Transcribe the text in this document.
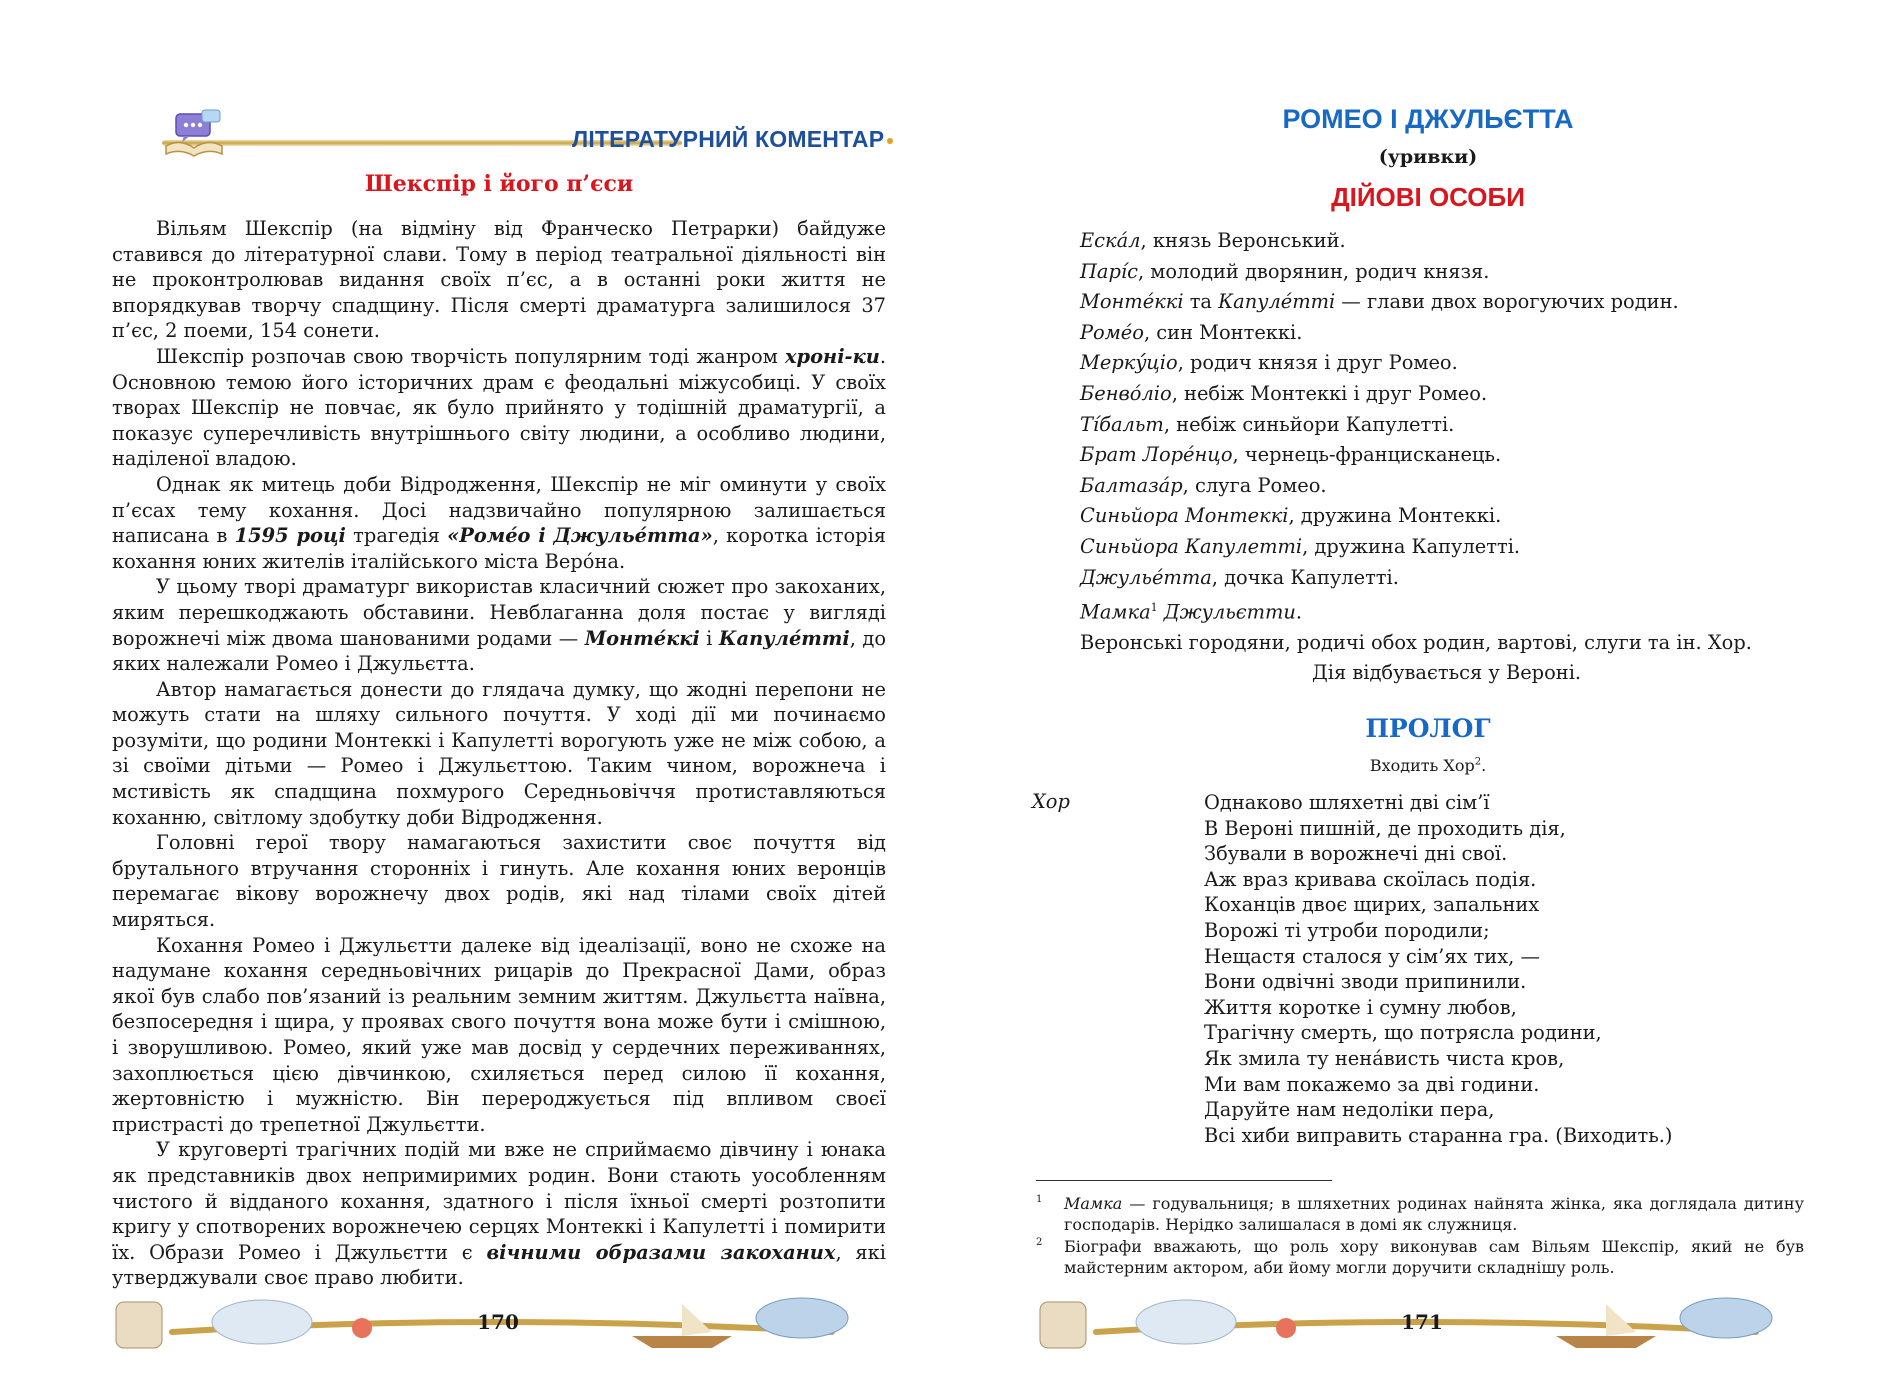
ЛІТЕРАТУРНИЙ КОМЕНТАР
Шекспір і його п’єси

Вільям Шекспір (на відміну від Франческо Петрарки) байдуже ставився до літературної слави. Тому в період театральної діяльності він не проконтролював видання своїх п’єс, а в останні роки життя не впорядкував творчу спадщину. Після смерті драматурга залишилося 37 п’єс, 2 поеми, 154 сонети.

Шекспір розпочав свою творчість популярним тоді жанром хроні-ки. Основною темою його історичних драм є феодальні міжусобиці. У своїх творах Шекспір не повчає, як було прийнято у тодішній драматургії, а показує суперечливість внутрішнього світу людини, а особливо людини, наділеної владою.

Однак як митець доби Відродження, Шекспір не міг оминути у своїх п’єсах тему кохання. Досі надзвичайно популярною залишається написана в 1595 році трагедія «Роме́о і Джулье́тта», коротка історія кохання юних жителів італійського міста Веро́на.

У цьому творі драматург використав класичний сюжет про закоханих, яким перешкоджають обставини. Невблаганна доля постає у вигляді ворожнечі між двома шанованими родами — Монте́ккі і Капуле́тті, до яких належали Ромео і Джульєтта.

Автор намагається донести до глядача думку, що жодні перепони не можуть стати на шляху сильного почуття. У ході дії ми починаємо розуміти, що родини Монтеккі і Капулетті ворогують уже не між собою, а зі своїми дітьми — Ромео і Джульєттою. Таким чином, ворожнеча і мстивість як спадщина похмурого Середньовіччя протиставляються коханню, світлому здобутку доби Відродження.

Головні герої твору намагаються захистити своє почуття від брутального втручання сторонніх і гинуть. Але кохання юних веронців перемагає вікову ворожнечу двох родів, які над тілами своїх дітей миряться.

Кохання Ромео і Джульєтти далеке від ідеалізації, воно не схоже на надумане кохання середньовічних рицарів до Прекрасної Дами, образ якої був слабо пов’язаний із реальним земним життям. Джульєтта наївна, безпосередня і щира, у проявах свого почуття вона може бути і смішною, і зворушливою. Ромео, який уже мав досвід у сердечних переживаннях, захоплюється цією дівчинкою, схиляється перед силою її кохання, жертовністю і мужністю. Він перероджується під впливом своєї пристрасті до трепетної Джульєтти.

У круговерті трагічних подій ми вже не сприймаємо дівчину і юнака як представників двох непримиримих родин. Вони стають уособленням чистого й відданого кохання, здатного і після їхньої смерті розтопити кригу у спотворених ворожнечею серцях Монтеккі і Капулетті і помирити їх. Образи Ромео і Джульєтти є вічними образами закоханих, які утверджували своє право любити.

170
РОМЕО І ДЖУЛЬЄТТА
(уривки)
ДІЙОВІ ОСОБИ
Еска́л, князь Веронський.
Парі́с, молодий дворянин, родич князя.
Монте́ккі та Капуле́тті — глави двох ворогуючих родин.
Роме́о, син Монтеккі.
Меркý́ціо, родич князя і друг Ромео.
Бенво́ліо, небіж Монтеккі і друг Ромео.
Ті́бальт, небіж синьйори Капулетті.
Брат Лоре́нцо, чернець-францисканець.
Балтаза́р, слуга Ромео.
Синьйора Монтеккі, дружина Монтеккі.
Синьйора Капулетті, дружина Капулетті.
Джулье́тта, дочка Капулетті.
Мамка$^1$ Джульєтти.
Веронські городяни, родичі обох родин, вартові, слуги та ін. Хор.
Дія відбувається у Вероні.
ПРОЛОГ
Входить Хор$^2$.
Хор	Однаково шляхетні дві сім’ї
В Вероні пишній, де проходить дія,
Збували в ворожнечі дні свої.
Аж враз кривава скоїлась подія.
Коханців двоє щирих, запальних
Ворожі ті утроби породили;
Нещастя сталося у сім’ях тих, —
Вони одвічні зводи припинили.
Життя коротке і сумну любов,
Трагічну смерть, що потрясла родини,
Як змила ту нена́висть чиста кров,
Ми вам покажемо за дві години.
Даруйте нам недоліки пера,
Всі хиби виправить старанна гра. (Виходить.)
1 Мамка — годувальниця; в шляхетних родинах найнята жінка, яка доглядала дитину господарів. Нерідко залишалася в домі як служниця.
2 Біографи вважають, що роль хору виконував сам Вільям Шекспір, який не був майстерним актором, аби йому могли доручити складнішу роль.
171
